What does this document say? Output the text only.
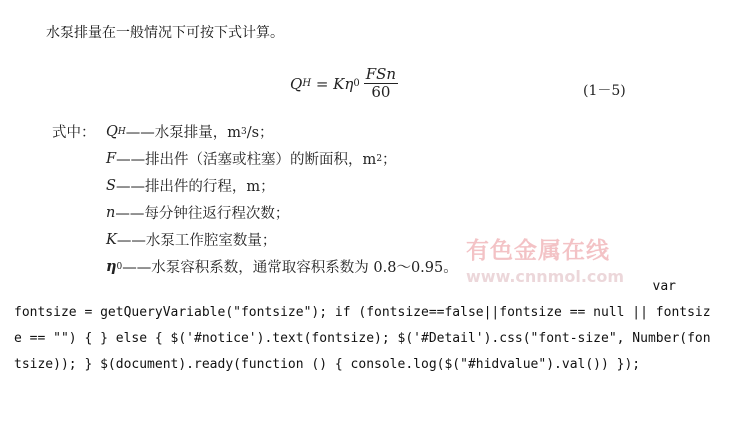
水泵排量在一般情况下可按下式计算。
Q H = Kη $0 \frac{\text{FSn}}{60}$	(1－5)
式中： Q H ——水泵排量，m 3 /s；
F ——排出件（活塞或柱塞）的断面积，m 2 ；
S ——排出件的行程，m；
n ——每分钟往返行程次数；
K ——水泵工作腔室数量；
η 0 ——水泵容积系数，通常取容积系数为 0.8～0.95。
有色金属在线
www.cnnmol.com
var
fontsize = getQueryVariable("fontsize"); if (fontsize==false||fontsize == null || fontsize == "") { } else { $('#notice').text(fontsize); $('#Detail').css("font-size", Number(fontsize)); } $(document).ready(function () { console.log($("#hidvalue").val()) });
